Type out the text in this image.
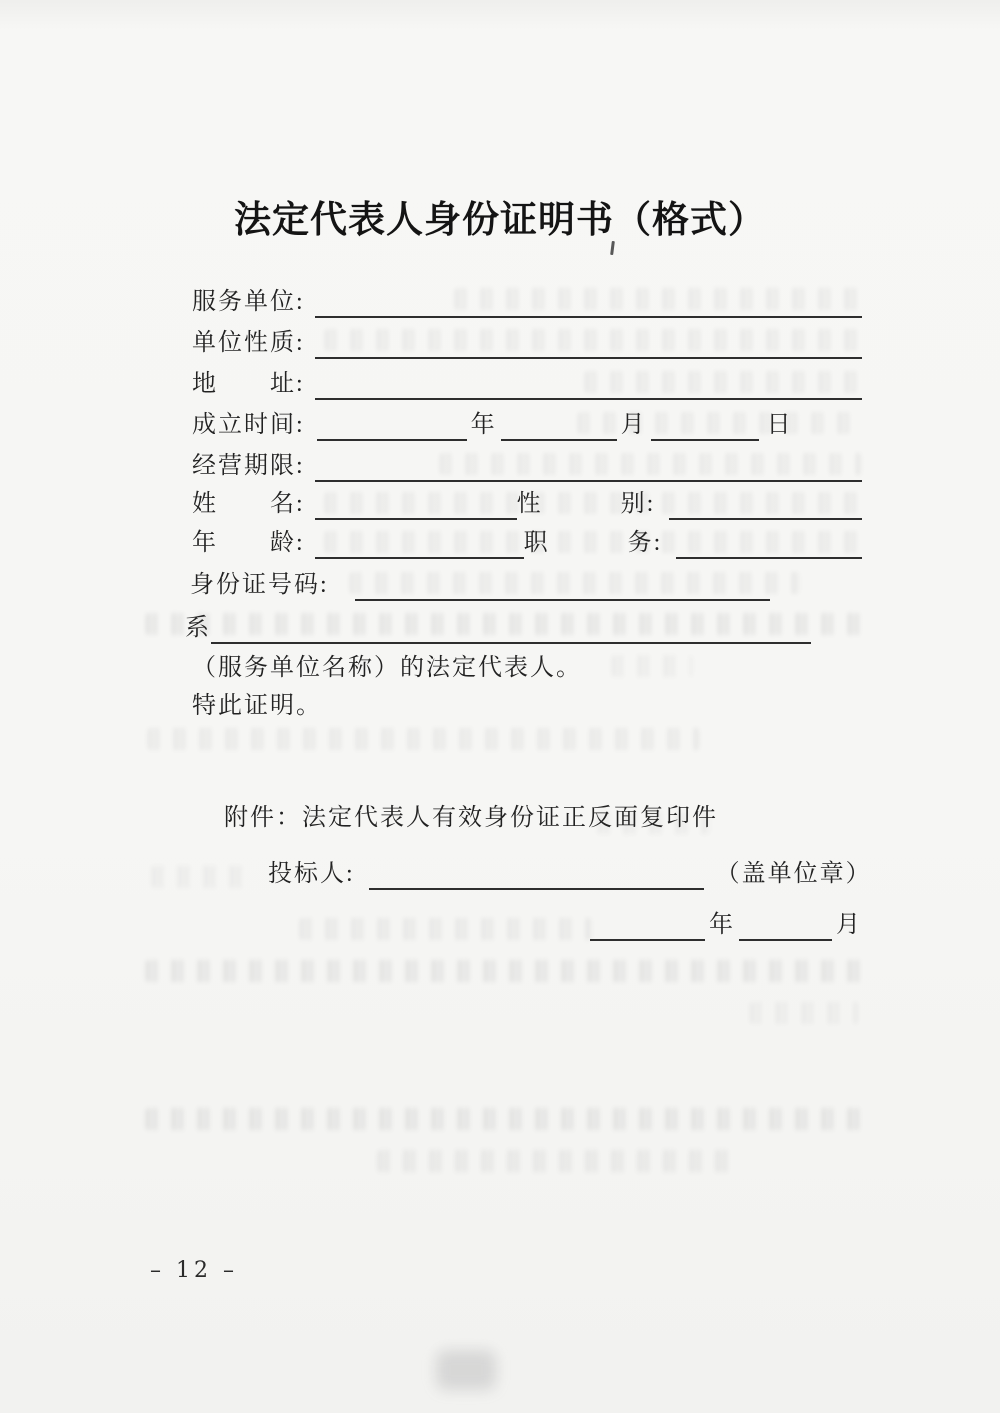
法定代表人身份证明书（格式）
服务单位:
单位性质:
地　　址:
成立时间:	年	月	日
经营期限:
姓　　名:	性　　　别:
年　　龄:	职　　　务:
身份证号码:
系
（服务单位名称）的法定代表人。
特此证明。

附件：法定代表人有效身份证正反面复印件

投标人:	（盖单位章）
年	月
– 12 –
